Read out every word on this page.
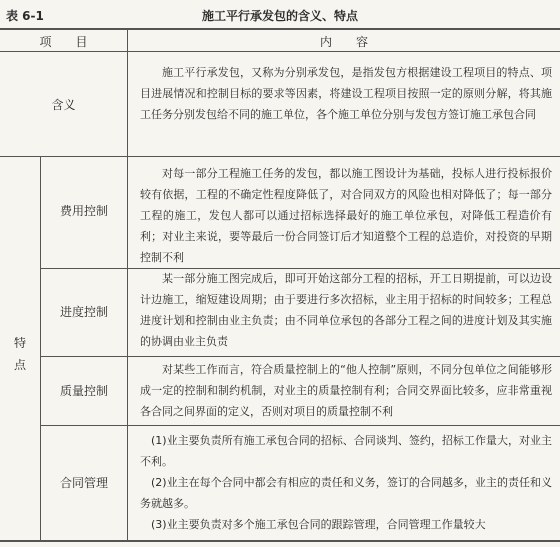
表 6-1	施工平行承发包的含义、特点
项　　目	内　　容
含义

施工平行承发包，又称为分别承发包，是指发包方根据建设工程项目的特点、项目进展情况和控制目标的要求等因素，将建设工程项目按照一定的原则分解，将其施工任务分别发包给不同的施工单位，各个施工单位分别与发包方签订施工承包合同

特
点
费用控制

对每一部分工程施工任务的发包，都以施工图设计为基础，投标人进行投标报价较有依据，工程的不确定性程度降低了，对合同双方的风险也相对降低了；每一部分工程的施工，发包人都可以通过招标选择最好的施工单位承包，对降低工程造价有利；对业主来说，要等最后一份合同签订后才知道整个工程的总造价，对投资的早期控制不利

进度控制

某一部分施工图完成后，即可开始这部分工程的招标，开工日期提前，可以边设计边施工，缩短建设周期；由于要进行多次招标，业主用于招标的时间较多；工程总进度计划和控制由业主负责；由不同单位承包的各部分工程之间的进度计划及其实施的协调由业主负责

质量控制

对某些工作而言，符合质量控制上的“他人控制”原则，不同分包单位之间能够形成一定的控制和制约机制，对业主的质量控制有利；合同交界面比较多，应非常重视各合同之间界面的定义，否则对项目的质量控制不利

合同管理

(1)业主要负责所有施工承包合同的招标、合同谈判、签约，招标工作量大，对业主不利。

(2)业主在每个合同中都会有相应的责任和义务，签订的合同越多，业主的责任和义务就越多。

(3)业主要负责对多个施工承包合同的跟踪管理，合同管理工作量较大
